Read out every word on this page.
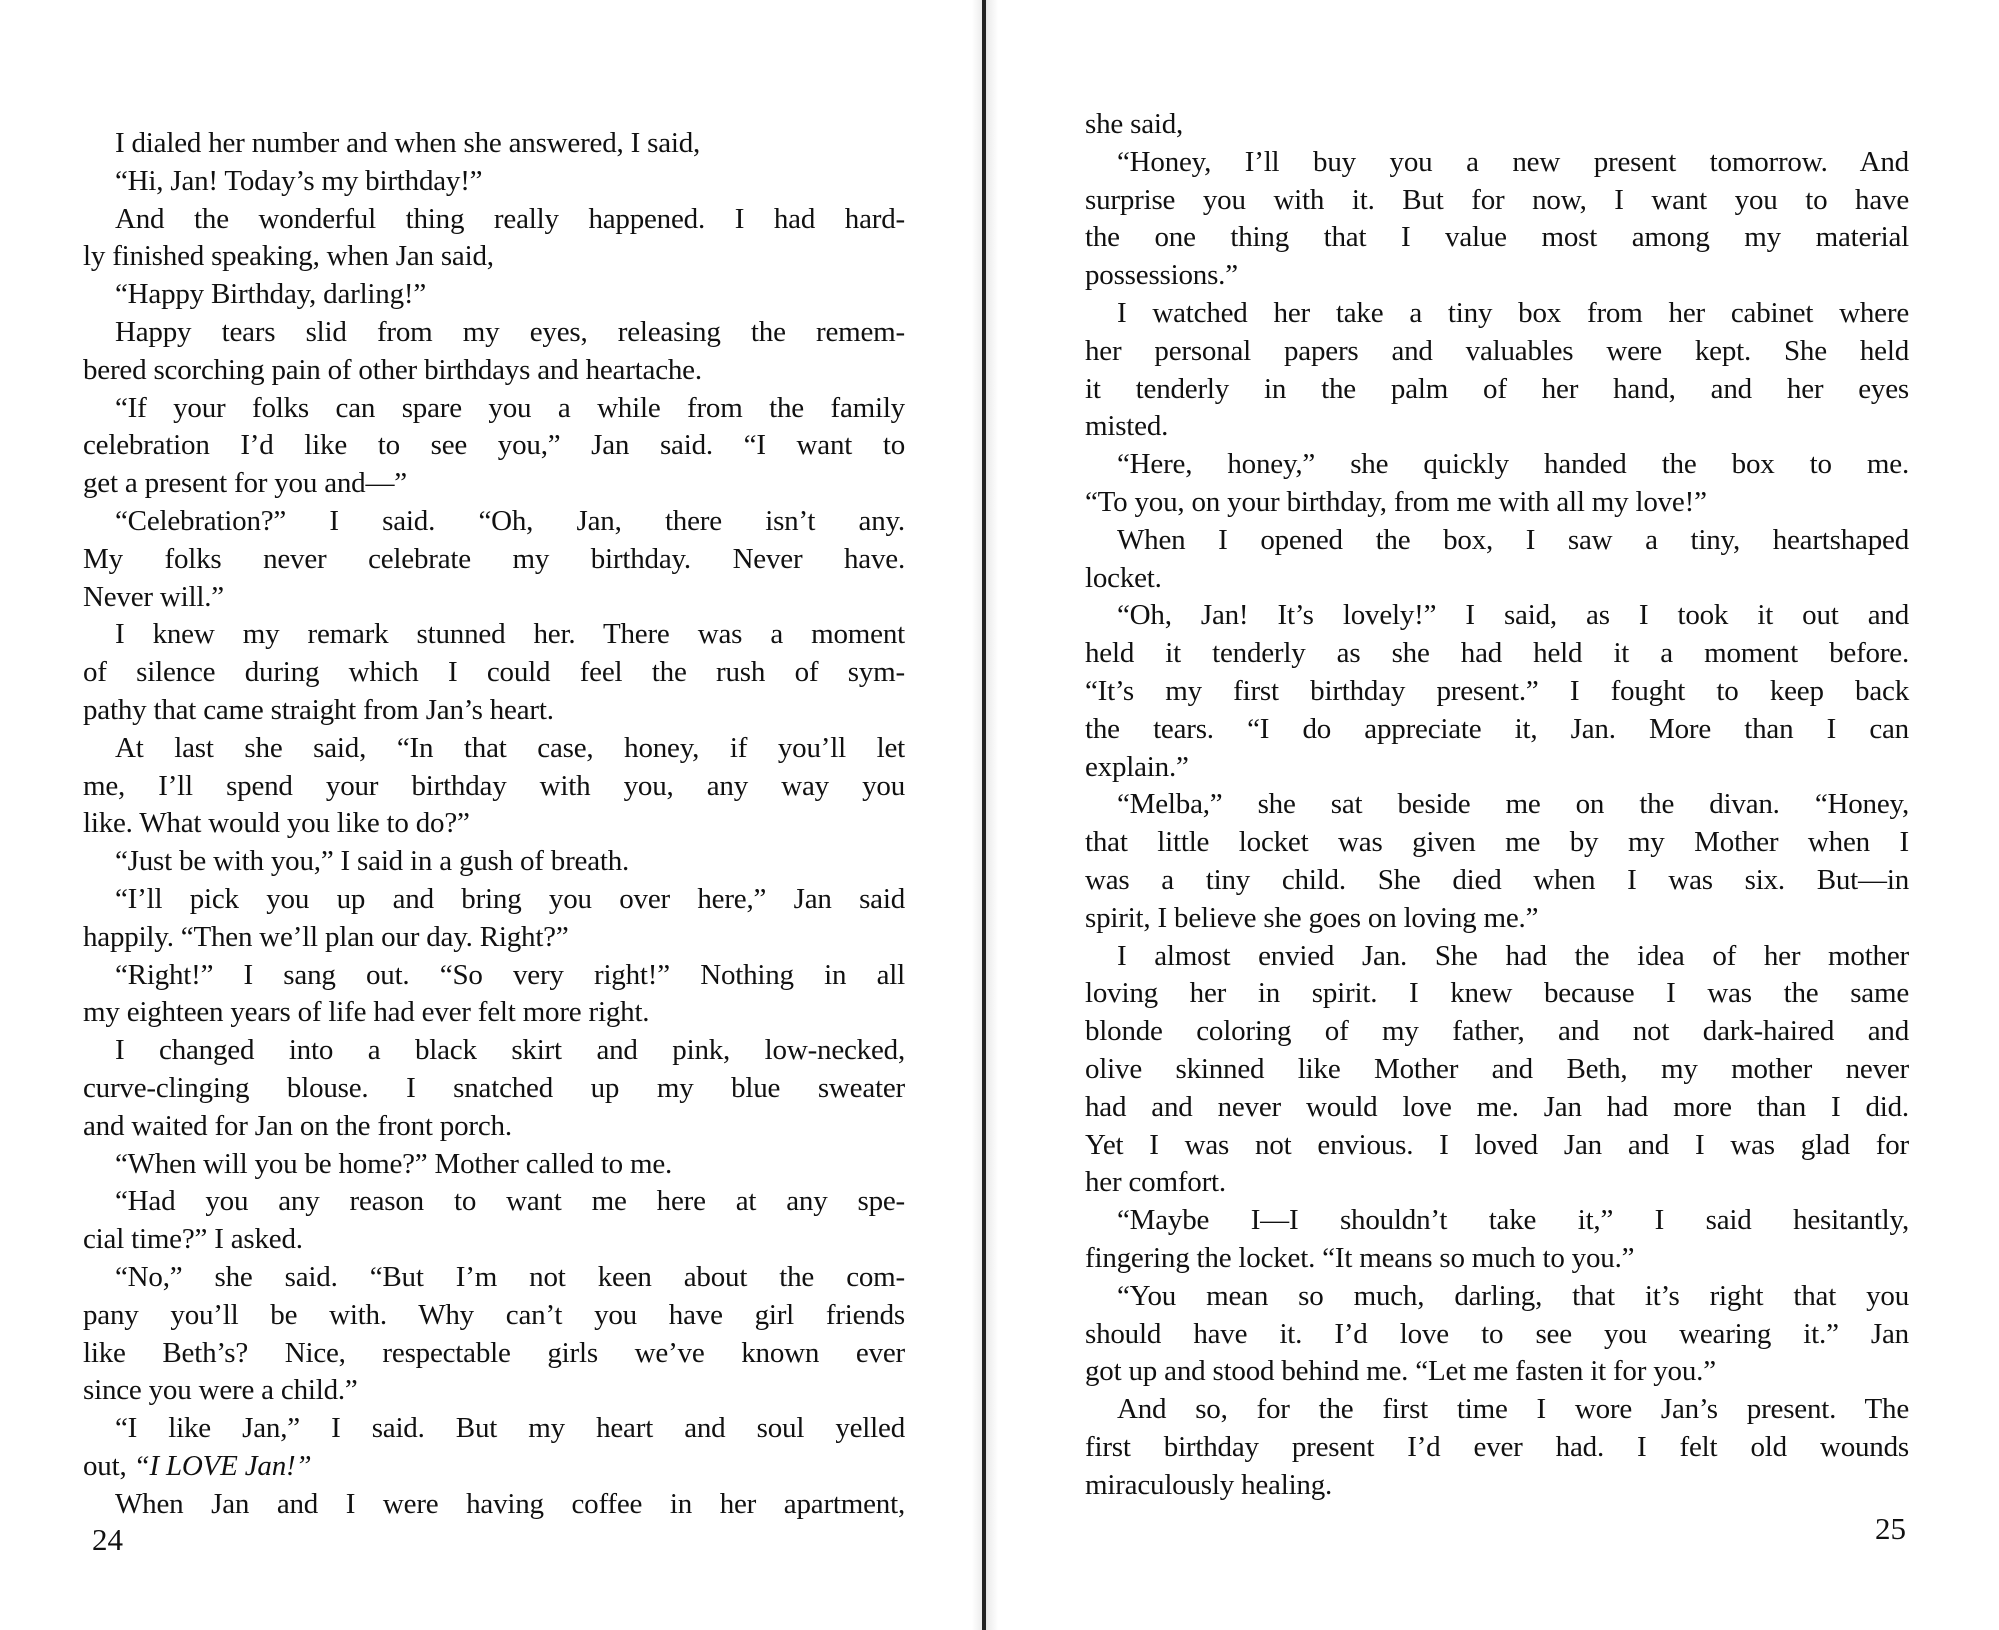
I dialed her number and when she answered, I said,
“Hi, Jan! Today’s my birthday!”
And the wonderful thing really happened. I had hard-
ly finished speaking, when Jan said,
“Happy Birthday, darling!”
Happy tears slid from my eyes, releasing the remem-
bered scorching pain of other birthdays and heartache.
“If your folks can spare you a while from the family
celebration I’d like to see you,” Jan said. “I want to
get a present for you and—”
“Celebration?” I said. “Oh, Jan, there isn’t any.
My folks never celebrate my birthday. Never have.
Never will.”
I knew my remark stunned her. There was a moment
of silence during which I could feel the rush of sym-
pathy that came straight from Jan’s heart.
At last she said, “In that case, honey, if you’ll let
me, I’ll spend your birthday with you, any way you
like. What would you like to do?”
“Just be with you,” I said in a gush of breath.
“I’ll pick you up and bring you over here,” Jan said
happily. “Then we’ll plan our day. Right?”
“Right!” I sang out. “So very right!” Nothing in all
my eighteen years of life had ever felt more right.
I changed into a black skirt and pink, low-necked,
curve-clinging blouse. I snatched up my blue sweater
and waited for Jan on the front porch.
“When will you be home?” Mother called to me.
“Had you any reason to want me here at any spe-
cial time?” I asked.
“No,” she said. “But I’m not keen about the com-
pany you’ll be with. Why can’t you have girl friends
like Beth’s? Nice, respectable girls we’ve known ever
since you were a child.”
“I like Jan,” I said. But my heart and soul yelled
out, “I LOVE Jan!”
When Jan and I were having coffee in her apartment,
24
she said,
“Honey, I’ll buy you a new present tomorrow. And
surprise you with it. But for now, I want you to have
the one thing that I value most among my material
possessions.”
I watched her take a tiny box from her cabinet where
her personal papers and valuables were kept. She held
it tenderly in the palm of her hand, and her eyes
misted.
“Here, honey,” she quickly handed the box to me.
“To you, on your birthday, from me with all my love!”
When I opened the box, I saw a tiny, heartshaped
locket.
“Oh, Jan! It’s lovely!” I said, as I took it out and
held it tenderly as she had held it a moment before.
“It’s my first birthday present.” I fought to keep back
the tears. “I do appreciate it, Jan. More than I can
explain.”
“Melba,” she sat beside me on the divan. “Honey,
that little locket was given me by my Mother when I
was a tiny child. She died when I was six. But—in
spirit, I believe she goes on loving me.”
I almost envied Jan. She had the idea of her mother
loving her in spirit. I knew because I was the same
blonde coloring of my father, and not dark-haired and
olive skinned like Mother and Beth, my mother never
had and never would love me. Jan had more than I did.
Yet I was not envious. I loved Jan and I was glad for
her comfort.
“Maybe I—I shouldn’t take it,” I said hesitantly,
fingering the locket. “It means so much to you.”
“You mean so much, darling, that it’s right that you
should have it. I’d love to see you wearing it.” Jan
got up and stood behind me. “Let me fasten it for you.”
And so, for the first time I wore Jan’s present. The
first birthday present I’d ever had. I felt old wounds
miraculously healing.
25
